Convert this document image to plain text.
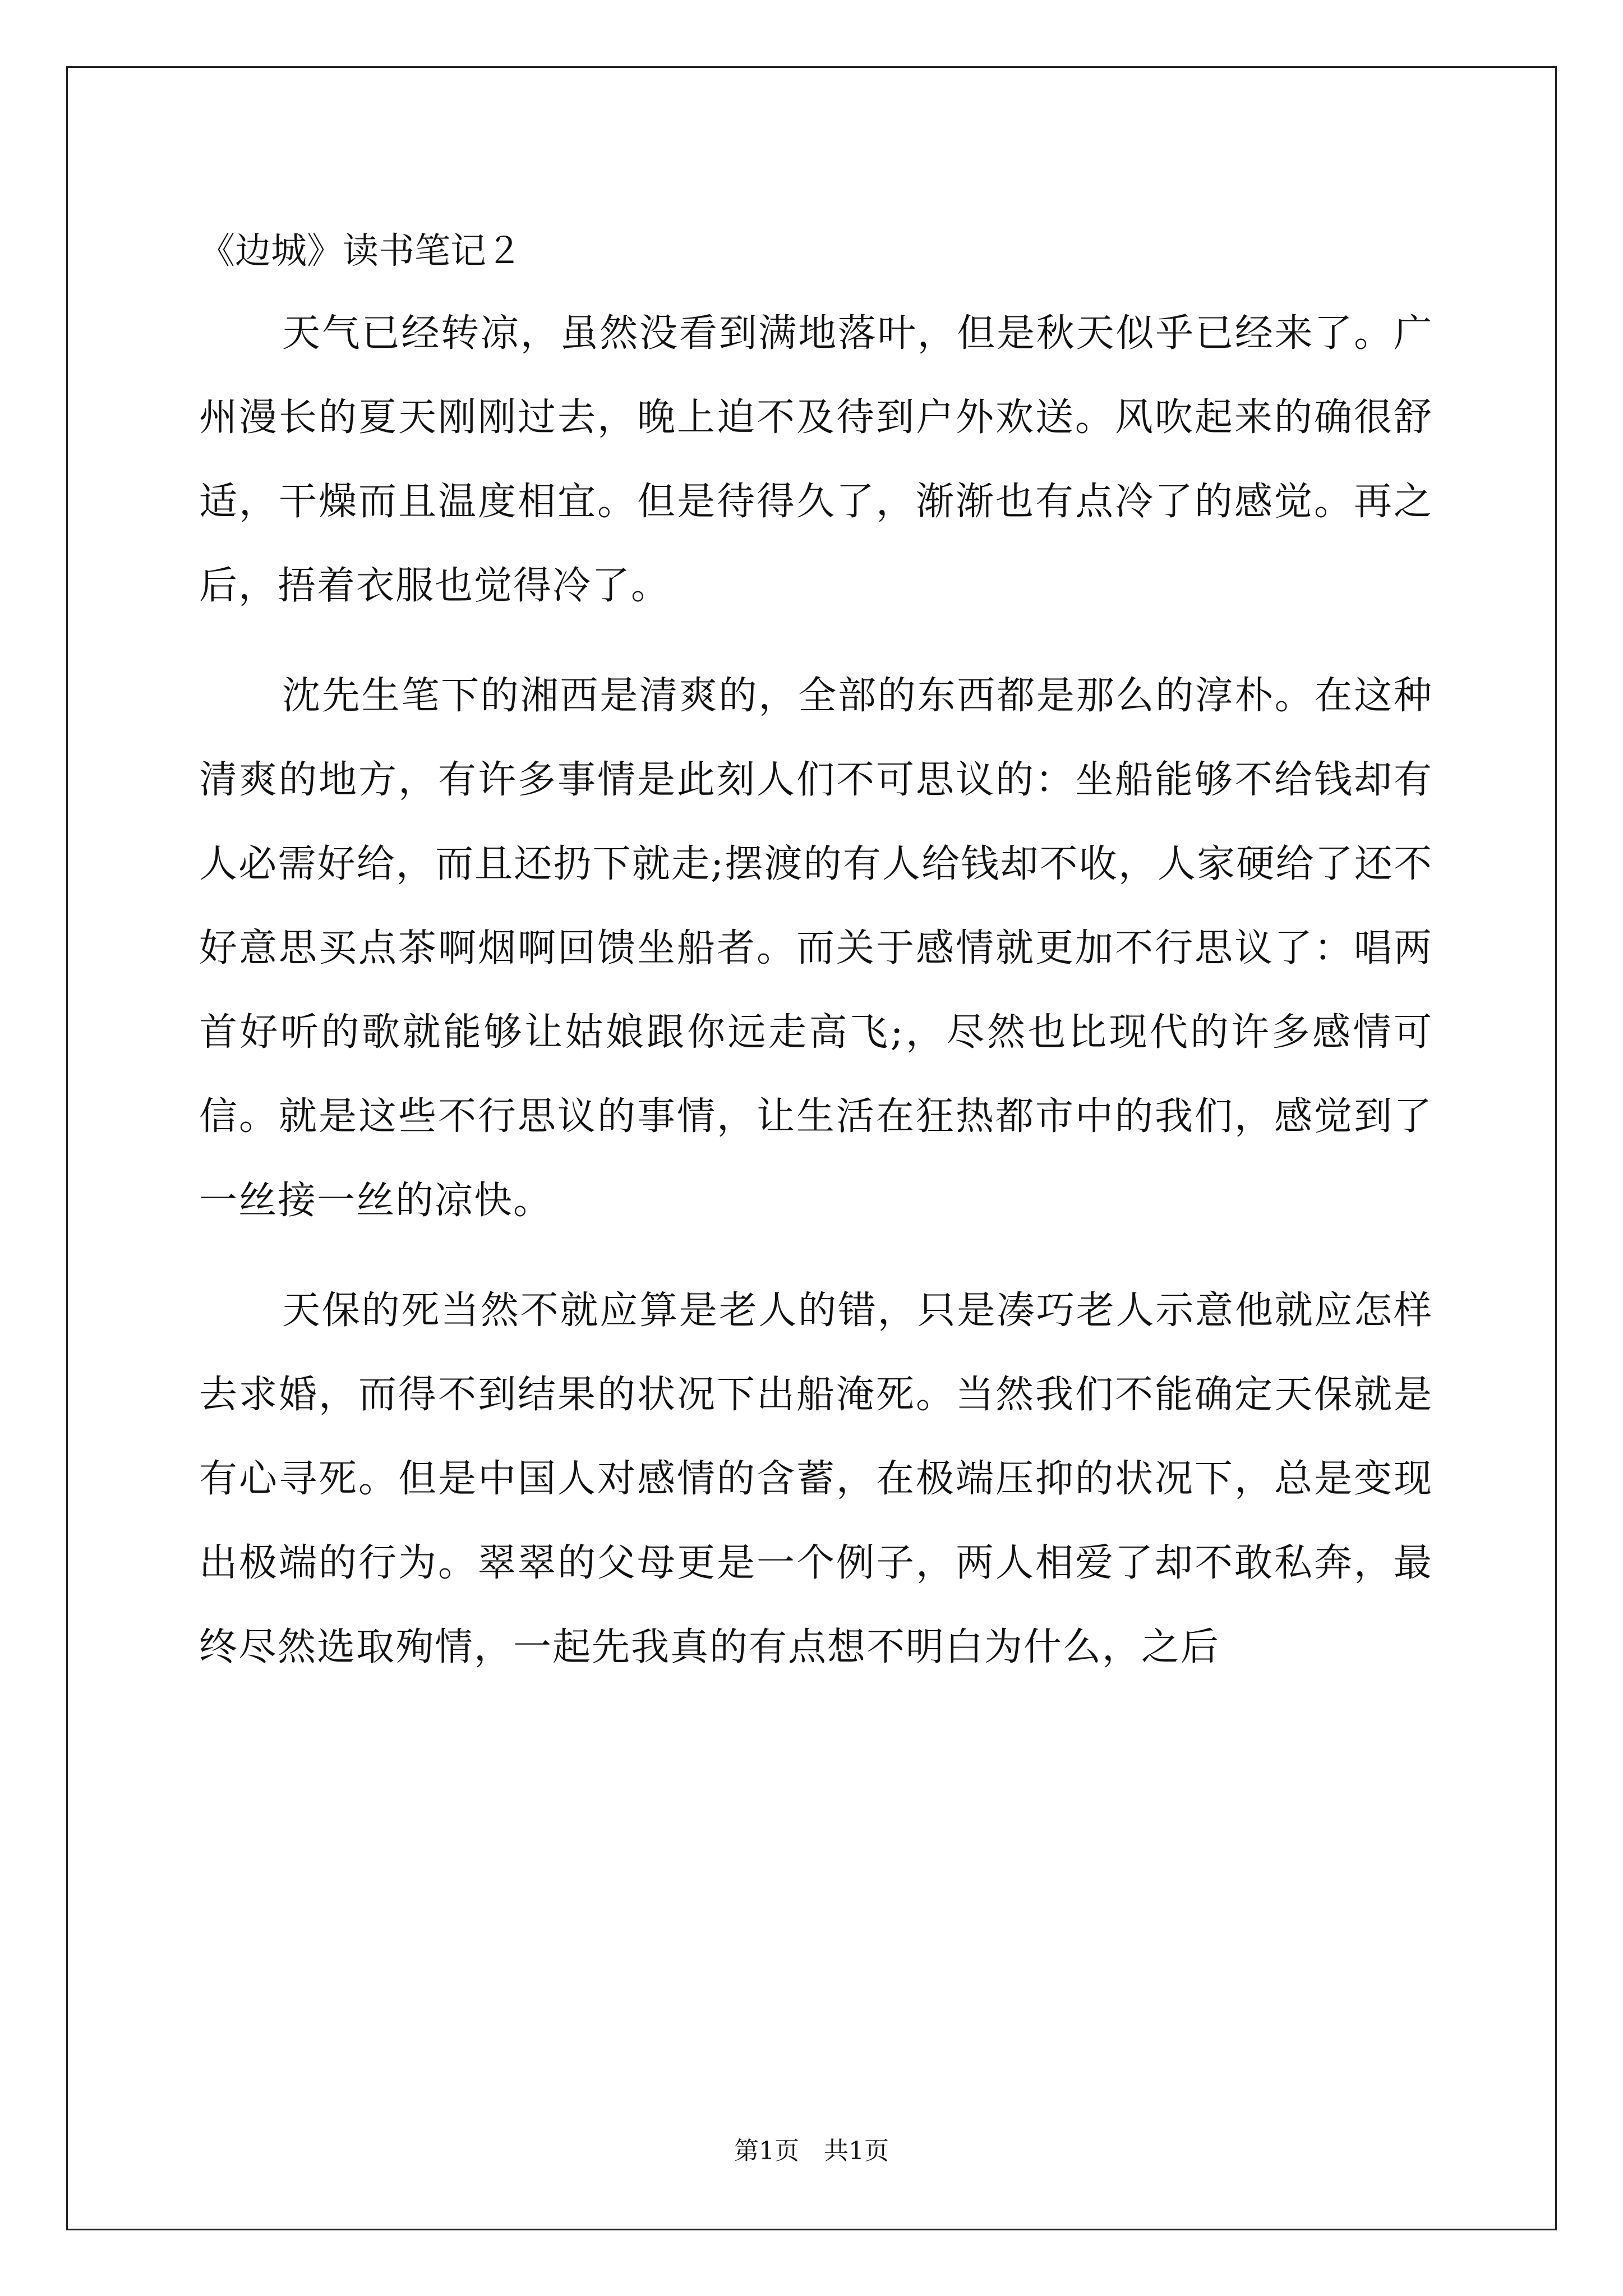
《边城》读书笔记２

天气已经转凉，虽然没看到满地落叶，但是秋天似乎已经来了。广州漫长的夏天刚刚过去，晚上迫不及待到户外欢送。风吹起来的确很舒适，干燥而且温度相宜。但是待得久了，渐渐也有点冷了的感觉。再之后，捂着衣服也觉得冷了。

沈先生笔下的湘西是清爽的，全部的东西都是那么的淳朴。在这种清爽的地方，有许多事情是此刻人们不可思议的：坐船能够不给钱却有人必需好给，而且还扔下就走;摆渡的有人给钱却不收，人家硬给了还不好意思买点茶啊烟啊回馈坐船者。而关于感情就更加不行思议了：唱两首好听的歌就能够让姑娘跟你远走高飞;，尽然也比现代的许多感情可信。就是这些不行思议的事情，让生活在狂热都市中的我们，感觉到了一丝接一丝的凉快。

天保的死当然不就应算是老人的错，只是凑巧老人示意他就应怎样去求婚，而得不到结果的状况下出船淹死。当然我们不能确定天保就是有心寻死。但是中国人对感情的含蓄，在极端压抑的状况下，总是变现出极端的行为。翠翠的父母更是一个例子，两人相爱了却不敢私奔，最终尽然选取殉情，一起先我真的有点想不明白为什么，之后

第1页　共1页
